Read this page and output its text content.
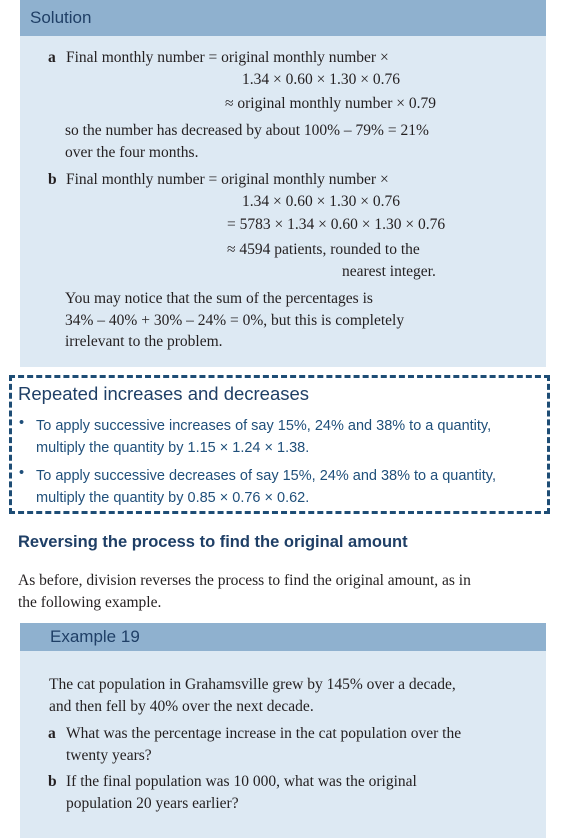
Solution
a Final monthly number = original monthly number ×
1.34 × 0.60 × 1.30 × 0.76
≈ original monthly number × 0.79
so the number has decreased by about 100% – 79% = 21%
over the four months.
b Final monthly number = original monthly number ×
1.34 × 0.60 × 1.30 × 0.76
= 5783 × 1.34 × 0.60 × 1.30 × 0.76
≈ 4594 patients, rounded to the
nearest integer.
You may notice that the sum of the percentages is
34% – 40% + 30% – 24% = 0%, but this is completely
irrelevant to the problem.
Repeated increases and decreases
• To apply successive increases of say 15%, 24% and 38% to a quantity,
multiply the quantity by 1.15 × 1.24 × 1.38.
• To apply successive decreases of say 15%, 24% and 38% to a quantity,
multiply the quantity by 0.85 × 0.76 × 0.62.
Reversing the process to find the original amount
As before, division reverses the process to find the original amount, as in
the following example.
Example 19
The cat population in Grahamsville grew by 145% over a decade,
and then fell by 40% over the next decade.
a What was the percentage increase in the cat population over the
twenty years?
b If the final population was 10 000, what was the original
population 20 years earlier?
